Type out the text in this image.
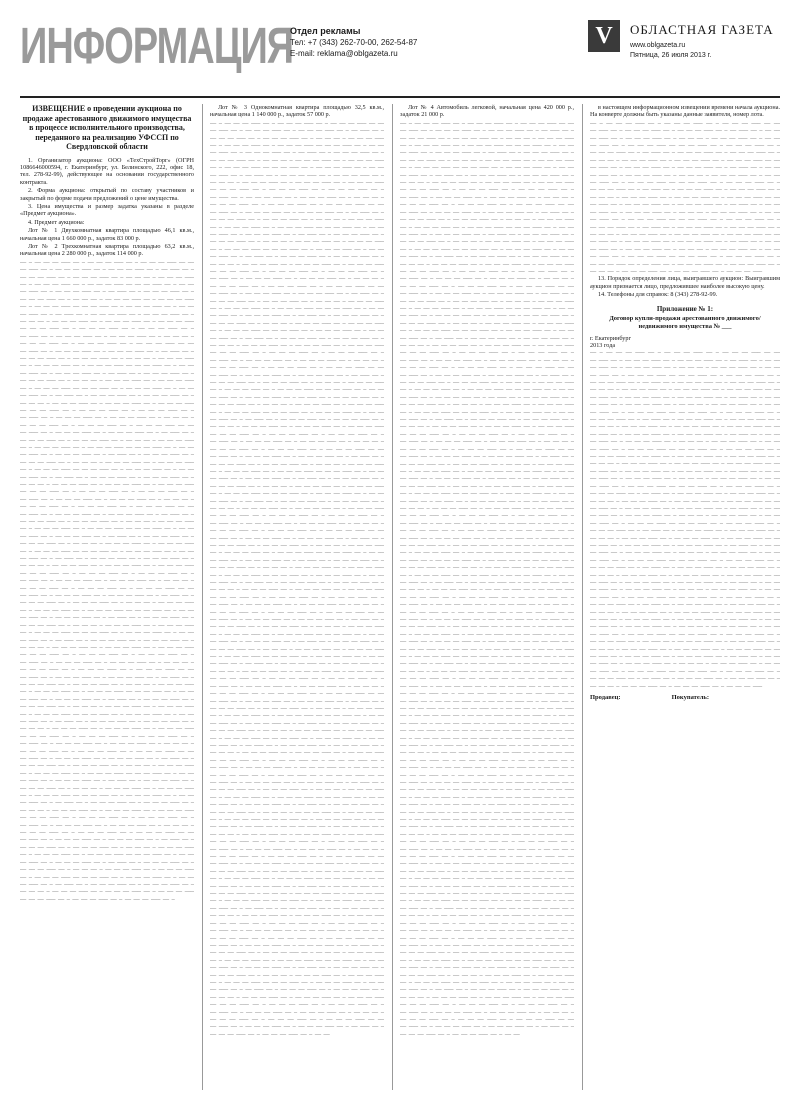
ИНФОРМАЦИЯ
Отдел рекламы
Тел: +7 (343) 262-70-00, 262-54-87
E-mail: reklama@oblgazeta.ru
V	ОБЛАСТНАЯ ГАЗЕТА
www.oblgazeta.ru
Пятница, 26 июля 2013 г.
ИЗВЕЩЕНИЕ о проведении аукциона по продаже арестованного движимого имущества в процессе исполнительного производства, переданного на реализацию УФССП по Свердловской области

1. Организатор аукциона: ООО «ТехСтройТорг» (ОГРН 1086646000594, г. Екатеринбург, ул. Белинского, 222, офис 18, тел. 278-92-99), действующее на основании государственного контракта.

2. Форма аукциона: открытый по составу участников и закрытый по форме подачи предложений о цене имущества.

3. Цена имущества и размер задатка указаны в разделе «Предмет аукциона».

4. Предмет аукциона:

Лот № 1 Двухкомнатная квартира площадью 46,1 кв.м., начальная цена 1 660 000 р., задаток 83 000 р.

Лот № 2 Трехкомнатная квартира площадью 63,2 кв.м., начальная цена 2 280 000 р., задаток 114 000 р.

— ‒ — ‒‒ — ‒‒‒ — ‒ — ‒‒ — ‒‒‒ — ‒ — ‒‒ — ‒‒‒ — ‒‒ — ‒‒‒ — ‒ — ‒‒ — ‒‒‒ — ‒ — ‒‒ — ‒‒‒ — ‒ — ‒‒‒ — ‒ — ‒‒ — ‒‒‒ — ‒ — ‒‒ — ‒‒‒ — ‒ — ‒‒ — ‒ — ‒‒ — ‒‒‒ — ‒ — ‒‒ — ‒‒‒ — ‒ — ‒‒ — ‒‒‒ — ‒‒ — ‒‒‒ — ‒ — ‒‒ — ‒‒‒ — ‒ — ‒‒ — ‒‒‒ — ‒ — ‒‒‒ — ‒ — ‒‒ — ‒‒‒ — ‒ — ‒‒ — ‒‒‒ — ‒ — ‒‒ — ‒ — ‒‒ — ‒‒‒ — ‒ — ‒‒ — ‒‒‒ — ‒ — ‒‒ — ‒‒‒ — ‒‒ — ‒‒‒ — ‒ — ‒‒ — ‒‒‒ — ‒ — ‒‒ — ‒‒‒ — ‒ — ‒‒‒ — ‒ — ‒‒ — ‒‒‒ — ‒ — ‒‒ — ‒‒‒ — ‒ — ‒‒ — ‒ — ‒‒ — ‒‒‒ — ‒ — ‒‒ — ‒‒‒ — ‒ — ‒‒ — ‒‒‒ — ‒‒ — ‒‒‒ — ‒ — ‒‒ — ‒‒‒ — ‒ — ‒‒ — ‒‒‒ — ‒ — ‒‒‒ — ‒ — ‒‒ — ‒‒‒ — ‒ — ‒‒ — ‒‒‒ — ‒ — ‒‒ — ‒ — ‒‒ — ‒‒‒ — ‒ — ‒‒ — ‒‒‒ — ‒ — ‒‒ — ‒‒‒ — ‒‒ — ‒‒‒ — ‒ — ‒‒ — ‒‒‒ — ‒ — ‒‒ — ‒‒‒ — ‒ — ‒‒‒ — ‒ — ‒‒ — ‒‒‒ — ‒ — ‒‒ — ‒‒‒ — ‒ — ‒‒ — ‒ — ‒‒ — ‒‒‒ — ‒ — ‒‒ — ‒‒‒ — ‒ — ‒‒ — ‒‒‒ — ‒‒ — ‒‒‒ — ‒ — ‒‒ — ‒‒‒ — ‒ — ‒‒ — ‒‒‒ — ‒ — ‒‒‒ — ‒ — ‒‒ — ‒‒‒ — ‒ — ‒‒ — ‒‒‒ — ‒ — ‒‒ — ‒ — ‒‒ — ‒‒‒ — ‒ — ‒‒ — ‒‒‒ — ‒ — ‒‒ — ‒‒‒ — ‒‒ — ‒‒‒ — ‒ — ‒‒ — ‒‒‒ — ‒ — ‒‒ — ‒‒‒ — ‒ — ‒‒‒ — ‒ — ‒‒ — ‒‒‒ — ‒ — ‒‒ — ‒‒‒ — ‒ — ‒‒ — ‒ — ‒‒ — ‒‒‒ — ‒ — ‒‒ — ‒‒‒ — ‒ — ‒‒ — ‒‒‒ — ‒‒ — ‒‒‒ — ‒ — ‒‒ — ‒‒‒ — ‒ — ‒‒ — ‒‒‒ — ‒ — ‒‒‒ — ‒ — ‒‒ — ‒‒‒ — ‒ — ‒‒ — ‒‒‒ — ‒ — ‒‒ — ‒ — ‒‒ — ‒‒‒ — ‒ — ‒‒ — ‒‒‒ — ‒ — ‒‒ — ‒‒‒ — ‒‒ — ‒‒‒ — ‒ — ‒‒ — ‒‒‒ — ‒ — ‒‒ — ‒‒‒ — ‒ — ‒‒‒ — ‒ — ‒‒ — ‒‒‒ — ‒ — ‒‒ — ‒‒‒ — ‒ — ‒‒ — ‒ — ‒‒ — ‒‒‒ — ‒ — ‒‒ — ‒‒‒ — ‒ — ‒‒ — ‒‒‒ — ‒‒ — ‒‒‒ — ‒ — ‒‒ — ‒‒‒ — ‒ — ‒‒ — ‒‒‒ — ‒ — ‒‒‒ — ‒ — ‒‒ — ‒‒‒ — ‒ — ‒‒ — ‒‒‒ — ‒ — ‒‒ — ‒ — ‒‒ — ‒‒‒ — ‒ — ‒‒ — ‒‒‒ — ‒ — ‒‒ — ‒‒‒ — ‒‒ — ‒‒‒ — ‒ — ‒‒ — ‒‒‒ — ‒ — ‒‒ — ‒‒‒ — ‒ — ‒‒‒ — ‒ — ‒‒ — ‒‒‒ — ‒ — ‒‒ — ‒‒‒ — ‒ — ‒‒ — ‒ — ‒‒ — ‒‒‒ — ‒ — ‒‒ — ‒‒‒ — ‒ — ‒‒ — ‒‒‒ — ‒‒ — ‒‒‒ — ‒ — ‒‒ — ‒‒‒ — ‒ — ‒‒ — ‒‒‒ — ‒ — ‒‒‒ — ‒ — ‒‒ — ‒‒‒ — ‒ — ‒‒ — ‒‒‒ — ‒ — ‒‒ — ‒ — ‒‒ — ‒‒‒ — ‒ — ‒‒ — ‒‒‒ — ‒ — ‒‒ — ‒‒‒ — ‒‒ — ‒‒‒ — ‒ — ‒‒ — ‒‒‒ — ‒ — ‒‒ — ‒‒‒ — ‒ — ‒‒‒ — ‒ — ‒‒ — ‒‒‒ — ‒ — ‒‒ — ‒‒‒ — ‒ — ‒‒ — ‒ — ‒‒ — ‒‒‒ — ‒ — ‒‒ — ‒‒‒ — ‒ — ‒‒ — ‒‒‒ — ‒‒ — ‒‒‒ — ‒ — ‒‒ — ‒‒‒ — ‒ — ‒‒ — ‒‒‒ — ‒ — ‒‒‒ — ‒ — ‒‒ — ‒‒‒ — ‒ — ‒‒ — ‒‒‒ — ‒ — ‒‒ — ‒ — ‒‒ — ‒‒‒ — ‒ — ‒‒ — ‒‒‒ — ‒ — ‒‒ — ‒‒‒ — ‒‒ — ‒‒‒ — ‒ — ‒‒ — ‒‒‒ — ‒ — ‒‒ — ‒‒‒ — ‒ — ‒‒‒ — ‒ — ‒‒ — ‒‒‒ — ‒ — ‒‒ — ‒‒‒ — ‒ — ‒‒ — ‒ — ‒‒ — ‒‒‒ — ‒ — ‒‒ — ‒‒‒ — ‒ — ‒‒ — ‒‒‒ — ‒‒ — ‒‒‒ — ‒ — ‒‒ — ‒‒‒ — ‒ — ‒‒ — ‒‒‒ — ‒ — ‒‒‒ — ‒ — ‒‒ — ‒‒‒ — ‒ — ‒‒ — ‒‒‒ — ‒ — ‒‒ — ‒ — ‒‒ — ‒‒‒ — ‒ — ‒‒ — ‒‒‒ — ‒ — ‒‒ — ‒‒‒ — ‒‒ — ‒‒‒ — ‒ — ‒‒ — ‒‒‒ — ‒ — ‒‒ — ‒‒‒ — ‒ — ‒‒‒ — ‒ — ‒‒ — ‒‒‒ — ‒ — ‒‒ — ‒‒‒ — ‒ — ‒‒ — ‒ — ‒‒ — ‒‒‒ — ‒ — ‒‒ — ‒‒‒ — ‒ — ‒‒ — ‒‒‒ — ‒‒ — ‒‒‒ — ‒ — ‒‒ — ‒‒‒ — ‒ — ‒‒ — ‒‒‒ — ‒ — ‒‒‒ — ‒ — ‒‒ — ‒‒‒ — ‒ — ‒‒ — ‒‒‒ — ‒ — ‒‒ — ‒ — ‒‒ — ‒‒‒ — ‒ — ‒‒ — ‒‒‒ — ‒ — ‒‒ — ‒‒‒ — ‒‒ — ‒‒‒ — ‒ — ‒‒ — ‒‒‒ — ‒ — ‒‒ — ‒‒‒ — ‒ — ‒‒‒ — ‒ — ‒‒ — ‒‒‒ — ‒ — ‒‒ — ‒‒‒ — ‒ — ‒‒ — ‒ — ‒‒ — ‒‒‒ — ‒ — ‒‒ — ‒‒‒ — ‒ — ‒‒ — ‒‒‒ — ‒‒ — ‒‒‒ — ‒ — ‒‒ — ‒‒‒ — ‒ — ‒‒ — ‒‒‒ — ‒ — ‒‒‒ — ‒ — ‒‒ — ‒‒‒ — ‒ — ‒‒ — ‒‒‒ — ‒ — ‒‒ — ‒ — ‒‒ — ‒‒‒ — ‒ — ‒‒ — ‒‒‒ — ‒ — ‒‒ — ‒‒‒ — ‒‒ — ‒‒‒ — ‒ — ‒‒ — ‒‒‒ — ‒ — ‒‒ — ‒‒‒ — ‒ — ‒‒‒ — ‒ — ‒‒ — ‒‒‒ — ‒ — ‒‒ — ‒‒‒ — ‒ — ‒‒ — ‒ — ‒‒ — ‒‒‒ — ‒ — ‒‒ — ‒‒‒ — ‒ — ‒‒ — ‒‒‒ — ‒‒ — ‒‒‒ — ‒ — ‒‒ — ‒‒‒ — ‒ — ‒‒ — ‒‒‒ — ‒ — ‒‒‒ — ‒ — ‒‒ — ‒‒‒ — ‒ — ‒‒ — ‒‒‒ — ‒ — ‒‒ — ‒ — ‒‒ — ‒‒‒ — ‒ — ‒‒ — ‒‒‒ — ‒ — ‒‒ — ‒‒‒ — ‒‒ — ‒‒‒ — ‒ — ‒‒ — ‒‒‒ — ‒ — ‒‒ — ‒‒‒ — ‒ — ‒‒‒ — ‒ — ‒‒ — ‒‒‒ — ‒ — ‒‒ — ‒‒‒ — ‒ — ‒‒ — ‒ — ‒‒ — ‒‒‒ — ‒ — ‒‒ — ‒‒‒ — ‒ — ‒‒ — ‒‒‒ — ‒‒ — ‒‒‒ — ‒ — ‒‒ — ‒‒‒ — ‒ — ‒‒ — ‒‒‒ — ‒ — ‒‒‒ — ‒ — ‒‒ — ‒‒‒ — ‒ — ‒‒ — ‒‒‒ — ‒ — ‒‒ — ‒ — ‒‒ — ‒‒‒ — ‒ — ‒‒ — ‒‒‒ — ‒ — ‒‒ — ‒‒‒ — ‒‒ — ‒‒‒ — ‒ — ‒‒ — ‒‒‒ — ‒ — ‒‒ — ‒‒‒ — ‒ — ‒‒‒ — ‒ — ‒‒ — ‒‒‒ — ‒ — ‒‒ — ‒‒‒ — ‒ — ‒‒ — ‒ — ‒‒ — ‒‒‒ — ‒ — ‒‒ — ‒‒‒ — ‒ — ‒‒ — ‒‒‒ — ‒‒ — ‒‒‒ — ‒ — ‒‒ — ‒‒‒ — ‒ — ‒‒ — ‒‒‒ — ‒ — ‒‒‒ — ‒ — ‒‒ — ‒‒‒ — ‒ — ‒‒ — ‒‒‒ — ‒ — ‒‒ — ‒ — ‒‒ — ‒‒‒ — ‒ — ‒‒ — ‒‒‒ — ‒ — ‒‒ — ‒‒‒ — ‒‒ — ‒‒‒ — ‒ — ‒‒ — ‒‒‒ — ‒ — ‒‒ — ‒‒‒ — ‒ — ‒‒‒ — ‒ — ‒‒ — ‒‒‒ — ‒ — ‒‒ — ‒‒‒ — ‒ — ‒‒ — ‒ — ‒‒ — ‒‒‒ — ‒ — ‒‒ — ‒‒‒ — ‒ — ‒‒ — ‒‒‒ — ‒‒ — ‒‒‒ — ‒ — ‒‒ — ‒‒‒ — ‒ — ‒‒ — ‒‒‒ — ‒ — ‒‒‒ — ‒ — ‒‒ — ‒‒‒ — ‒ — ‒‒ — ‒‒‒ — ‒ — ‒‒ — ‒ — ‒‒ — ‒‒‒ — ‒ — ‒‒ — ‒‒‒ — ‒ — ‒‒ — ‒‒‒ — ‒‒ — ‒‒‒ — ‒ — ‒‒ — ‒‒‒ — ‒ — ‒‒ — ‒‒‒ — ‒ — ‒‒‒ — ‒ — ‒‒ — ‒‒‒ — ‒ — ‒‒ — ‒‒‒ — ‒ — ‒‒ — ‒ — ‒‒ — ‒‒‒ — ‒ — ‒‒ — ‒‒‒ — ‒ — ‒‒ — ‒‒‒ — ‒‒ — ‒‒‒ — ‒ — ‒‒ — ‒‒‒ — ‒ — ‒‒ — ‒‒‒ — ‒ — ‒‒‒ — ‒ — ‒‒ — ‒‒‒ — ‒ — ‒‒ — ‒‒‒ — ‒ — ‒‒ — ‒ — ‒‒ — ‒‒‒ — ‒ — ‒‒ — ‒‒‒ — ‒ — ‒‒ — ‒‒‒ — ‒‒ — ‒‒‒ — ‒ — ‒‒ — ‒‒‒ — ‒ — ‒‒ — ‒‒‒ — ‒ — ‒‒‒ — ‒ — ‒‒ — ‒‒‒ — ‒ — ‒‒ — ‒‒‒ — ‒ — ‒‒ — ‒ — ‒‒ — ‒‒‒ — ‒ — ‒‒ — ‒‒‒ — ‒ — ‒‒ — ‒‒‒ — ‒‒ — ‒‒‒ — ‒ — ‒‒ — ‒‒‒ — ‒ — ‒‒ — ‒‒‒ — ‒

Лот № 3 Однокомнатная квартира площадью 32,5 кв.м., начальная цена 1 140 000 р., задаток 57 000 р.

— ‒ — ‒‒ — ‒‒‒ — ‒ — ‒‒ — ‒‒‒ — ‒ — ‒‒ — ‒‒‒ — ‒‒ — ‒‒‒ — ‒ — ‒‒ — ‒‒‒ — ‒ — ‒‒ — ‒‒‒ — ‒ — ‒‒‒ — ‒ — ‒‒ — ‒‒‒ — ‒ — ‒‒ — ‒‒‒ — ‒ — ‒‒ — ‒ — ‒‒ — ‒‒‒ — ‒ — ‒‒ — ‒‒‒ — ‒ — ‒‒ — ‒‒‒ — ‒‒ — ‒‒‒ — ‒ — ‒‒ — ‒‒‒ — ‒ — ‒‒ — ‒‒‒ — ‒ — ‒‒‒ — ‒ — ‒‒ — ‒‒‒ — ‒ — ‒‒ — ‒‒‒ — ‒ — ‒‒ — ‒ — ‒‒ — ‒‒‒ — ‒ — ‒‒ — ‒‒‒ — ‒ — ‒‒ — ‒‒‒ — ‒‒ — ‒‒‒ — ‒ — ‒‒ — ‒‒‒ — ‒ — ‒‒ — ‒‒‒ — ‒ — ‒‒‒ — ‒ — ‒‒ — ‒‒‒ — ‒ — ‒‒ — ‒‒‒ — ‒ — ‒‒ — ‒ — ‒‒ — ‒‒‒ — ‒ — ‒‒ — ‒‒‒ — ‒ — ‒‒ — ‒‒‒ — ‒‒ — ‒‒‒ — ‒ — ‒‒ — ‒‒‒ — ‒ — ‒‒ — ‒‒‒ — ‒ — ‒‒‒ — ‒ — ‒‒ — ‒‒‒ — ‒ — ‒‒ — ‒‒‒ — ‒ — ‒‒ — ‒ — ‒‒ — ‒‒‒ — ‒ — ‒‒ — ‒‒‒ — ‒ — ‒‒ — ‒‒‒ — ‒‒ — ‒‒‒ — ‒ — ‒‒ — ‒‒‒ — ‒ — ‒‒ — ‒‒‒ — ‒ — ‒‒‒ — ‒ — ‒‒ — ‒‒‒ — ‒ — ‒‒ — ‒‒‒ — ‒ — ‒‒ — ‒ — ‒‒ — ‒‒‒ — ‒ — ‒‒ — ‒‒‒ — ‒ — ‒‒ — ‒‒‒ — ‒‒ — ‒‒‒ — ‒ — ‒‒ — ‒‒‒ — ‒ — ‒‒ — ‒‒‒ — ‒ — ‒‒‒ — ‒ — ‒‒ — ‒‒‒ — ‒ — ‒‒ — ‒‒‒ — ‒ — ‒‒ — ‒ — ‒‒ — ‒‒‒ — ‒ — ‒‒ — ‒‒‒ — ‒ — ‒‒ — ‒‒‒ — ‒‒ — ‒‒‒ — ‒ — ‒‒ — ‒‒‒ — ‒ — ‒‒ — ‒‒‒ — ‒ — ‒‒‒ — ‒ — ‒‒ — ‒‒‒ — ‒ — ‒‒ — ‒‒‒ — ‒ — ‒‒ — ‒ — ‒‒ — ‒‒‒ — ‒ — ‒‒ — ‒‒‒ — ‒ — ‒‒ — ‒‒‒ — ‒‒ — ‒‒‒ — ‒ — ‒‒ — ‒‒‒ — ‒ — ‒‒ — ‒‒‒ — ‒ — ‒‒‒ — ‒ — ‒‒ — ‒‒‒ — ‒ — ‒‒ — ‒‒‒ — ‒ — ‒‒ — ‒ — ‒‒ — ‒‒‒ — ‒ — ‒‒ — ‒‒‒ — ‒ — ‒‒ — ‒‒‒ — ‒‒ — ‒‒‒ — ‒ — ‒‒ — ‒‒‒ — ‒ — ‒‒ — ‒‒‒ — ‒ — ‒‒‒ — ‒ — ‒‒ — ‒‒‒ — ‒ — ‒‒ — ‒‒‒ — ‒ — ‒‒ — ‒ — ‒‒ — ‒‒‒ — ‒ — ‒‒ — ‒‒‒ — ‒ — ‒‒ — ‒‒‒ — ‒‒ — ‒‒‒ — ‒ — ‒‒ — ‒‒‒ — ‒ — ‒‒ — ‒‒‒ — ‒ — ‒‒‒ — ‒ — ‒‒ — ‒‒‒ — ‒ — ‒‒ — ‒‒‒ — ‒ — ‒‒ — ‒ — ‒‒ — ‒‒‒ — ‒ — ‒‒ — ‒‒‒ — ‒ — ‒‒ — ‒‒‒ — ‒‒ — ‒‒‒ — ‒ — ‒‒ — ‒‒‒ — ‒ — ‒‒ — ‒‒‒ — ‒ — ‒‒‒ — ‒ — ‒‒ — ‒‒‒ — ‒ — ‒‒ — ‒‒‒ — ‒ — ‒‒ — ‒ — ‒‒ — ‒‒‒ — ‒ — ‒‒ — ‒‒‒ — ‒ — ‒‒ — ‒‒‒ — ‒‒ — ‒‒‒ — ‒ — ‒‒ — ‒‒‒ — ‒ — ‒‒ — ‒‒‒ — ‒ — ‒‒‒ — ‒ — ‒‒ — ‒‒‒ — ‒ — ‒‒ — ‒‒‒ — ‒ — ‒‒ — ‒ — ‒‒ — ‒‒‒ — ‒ — ‒‒ — ‒‒‒ — ‒ — ‒‒ — ‒‒‒ — ‒‒ — ‒‒‒ — ‒ — ‒‒ — ‒‒‒ — ‒ — ‒‒ — ‒‒‒ — ‒ — ‒‒‒ — ‒ — ‒‒ — ‒‒‒ — ‒ — ‒‒ — ‒‒‒ — ‒ — ‒‒ — ‒ — ‒‒ — ‒‒‒ — ‒ — ‒‒ — ‒‒‒ — ‒ — ‒‒ — ‒‒‒ — ‒‒ — ‒‒‒ — ‒ — ‒‒ — ‒‒‒ — ‒ — ‒‒ — ‒‒‒ — ‒ — ‒‒‒ — ‒ — ‒‒ — ‒‒‒ — ‒ — ‒‒ — ‒‒‒ — ‒ — ‒‒ — ‒ — ‒‒ — ‒‒‒ — ‒ — ‒‒ — ‒‒‒ — ‒ — ‒‒ — ‒‒‒ — ‒‒ — ‒‒‒ — ‒ — ‒‒ — ‒‒‒ — ‒ — ‒‒ — ‒‒‒ — ‒ — ‒‒‒ — ‒ — ‒‒ — ‒‒‒ — ‒ — ‒‒ — ‒‒‒ — ‒ — ‒‒ — ‒ — ‒‒ — ‒‒‒ — ‒ — ‒‒ — ‒‒‒ — ‒ — ‒‒ — ‒‒‒ — ‒‒ — ‒‒‒ — ‒ — ‒‒ — ‒‒‒ — ‒ — ‒‒ — ‒‒‒ — ‒ — ‒‒‒ — ‒ — ‒‒ — ‒‒‒ — ‒ — ‒‒ — ‒‒‒ — ‒ — ‒‒ — ‒ — ‒‒ — ‒‒‒ — ‒ — ‒‒ — ‒‒‒ — ‒ — ‒‒ — ‒‒‒ — ‒‒ — ‒‒‒ — ‒ — ‒‒ — ‒‒‒ — ‒ — ‒‒ — ‒‒‒ — ‒ — ‒‒‒ — ‒ — ‒‒ — ‒‒‒ — ‒ — ‒‒ — ‒‒‒ — ‒ — ‒‒ — ‒ — ‒‒ — ‒‒‒ — ‒ — ‒‒ — ‒‒‒ — ‒ — ‒‒ — ‒‒‒ — ‒‒ — ‒‒‒ — ‒ — ‒‒ — ‒‒‒ — ‒ — ‒‒ — ‒‒‒ — ‒ — ‒‒‒ — ‒ — ‒‒ — ‒‒‒ — ‒ — ‒‒ — ‒‒‒ — ‒ — ‒‒ — ‒ — ‒‒ — ‒‒‒ — ‒ — ‒‒ — ‒‒‒ — ‒ — ‒‒ — ‒‒‒ — ‒‒ — ‒‒‒ — ‒ — ‒‒ — ‒‒‒ — ‒ — ‒‒ — ‒‒‒ — ‒ — ‒‒‒ — ‒ — ‒‒ — ‒‒‒ — ‒ — ‒‒ — ‒‒‒ — ‒ — ‒‒ — ‒ — ‒‒ — ‒‒‒ — ‒ — ‒‒ — ‒‒‒ — ‒ — ‒‒ — ‒‒‒ — ‒‒ — ‒‒‒ — ‒ — ‒‒ — ‒‒‒ — ‒ — ‒‒ — ‒‒‒ — ‒ — ‒‒‒ — ‒ — ‒‒ — ‒‒‒ — ‒ — ‒‒ — ‒‒‒ — ‒ — ‒‒ — ‒ — ‒‒ — ‒‒‒ — ‒ — ‒‒ — ‒‒‒ — ‒ — ‒‒ — ‒‒‒ — ‒‒ — ‒‒‒ — ‒ — ‒‒ — ‒‒‒ — ‒ — ‒‒ — ‒‒‒ — ‒ — ‒‒‒ — ‒ — ‒‒ — ‒‒‒ — ‒ — ‒‒ — ‒‒‒ — ‒ — ‒‒ — ‒ — ‒‒ — ‒‒‒ — ‒ — ‒‒ — ‒‒‒ — ‒ — ‒‒ — ‒‒‒ — ‒‒ — ‒‒‒ — ‒ — ‒‒ — ‒‒‒ — ‒ — ‒‒ — ‒‒‒ — ‒ — ‒‒‒ — ‒ — ‒‒ — ‒‒‒ — ‒ — ‒‒ — ‒‒‒ — ‒ — ‒‒ — ‒ — ‒‒ — ‒‒‒ — ‒ — ‒‒ — ‒‒‒ — ‒ — ‒‒ — ‒‒‒ — ‒‒ — ‒‒‒ — ‒ — ‒‒ — ‒‒‒ — ‒ — ‒‒ — ‒‒‒ — ‒ — ‒‒‒ — ‒ — ‒‒ — ‒‒‒ — ‒ — ‒‒ — ‒‒‒ — ‒ — ‒‒ — ‒ — ‒‒ — ‒‒‒ — ‒ — ‒‒ — ‒‒‒ — ‒ — ‒‒ — ‒‒‒ — ‒‒ — ‒‒‒ — ‒ — ‒‒ — ‒‒‒ — ‒ — ‒‒ — ‒‒‒ — ‒ — ‒‒‒ — ‒ — ‒‒ — ‒‒‒ — ‒ — ‒‒ — ‒‒‒ — ‒ — ‒‒ — ‒ — ‒‒ — ‒‒‒ — ‒ — ‒‒ — ‒‒‒ — ‒ — ‒‒ — ‒‒‒ — ‒‒ — ‒‒‒ — ‒ — ‒‒ — ‒‒‒ — ‒ — ‒‒ — ‒‒‒ — ‒ — ‒‒‒ — ‒ — ‒‒ — ‒‒‒ — ‒ — ‒‒ — ‒‒‒ — ‒ — ‒‒ — ‒ — ‒‒ — ‒‒‒ — ‒ — ‒‒ — ‒‒‒ — ‒ — ‒‒ — ‒‒‒ — ‒‒ — ‒‒‒ — ‒ — ‒‒ — ‒‒‒ — ‒ — ‒‒ — ‒‒‒ — ‒ — ‒‒‒ — ‒ — ‒‒ — ‒‒‒ — ‒ — ‒‒ — ‒‒‒ — ‒ — ‒‒ — ‒ — ‒‒ — ‒‒‒ — ‒ — ‒‒ — ‒‒‒ — ‒ — ‒‒ — ‒‒‒ — ‒‒ — ‒‒‒ — ‒ — ‒‒ — ‒‒‒ — ‒ — ‒‒ — ‒‒‒ — ‒ — ‒‒‒ — ‒ — ‒‒ — ‒‒‒ — ‒ — ‒‒ — ‒‒‒ — ‒ — ‒‒ — ‒ — ‒‒ — ‒‒‒ — ‒ — ‒‒ — ‒‒‒ — ‒ — ‒‒ — ‒‒‒ — ‒‒ — ‒‒‒ — ‒ — ‒‒ — ‒‒‒ — ‒ — ‒‒ — ‒‒‒ — ‒ — ‒‒‒ — ‒ — ‒‒ — ‒‒‒ — ‒ — ‒‒ — ‒‒‒ — ‒ — ‒‒ — ‒ — ‒‒ — ‒‒‒ — ‒ — ‒‒ — ‒‒‒ — ‒ — ‒‒ — ‒‒‒ — ‒‒ — ‒‒‒ — ‒ — ‒‒ — ‒‒‒ — ‒ — ‒‒ — ‒‒‒ — ‒ — ‒‒‒ — ‒ — ‒‒ — ‒‒‒ — ‒ — ‒‒ — ‒‒‒ — ‒ — ‒‒ — ‒ — ‒‒ — ‒‒‒ — ‒ — ‒‒ — ‒‒‒ — ‒ — ‒‒ — ‒‒‒ — ‒‒ — ‒‒‒ — ‒ — ‒‒ — ‒‒‒ — ‒ — ‒‒ — ‒‒‒ — ‒ — ‒‒‒ — ‒ — ‒‒ — ‒‒‒ — ‒ — ‒‒ — ‒‒‒ — ‒ — ‒‒ — ‒ — ‒‒ — ‒‒‒ — ‒ — ‒‒ — ‒‒‒ — ‒ — ‒‒ — ‒‒‒ — ‒‒ — ‒‒‒ — ‒ — ‒‒ — ‒‒‒ — ‒ — ‒‒ — ‒‒‒ — ‒ — ‒‒‒ — ‒ — ‒‒ — ‒‒‒ — ‒ — ‒‒ — ‒‒‒ — ‒ — ‒‒ — ‒ — ‒‒ — ‒‒‒ — ‒ — ‒‒ — ‒‒‒ — ‒ — ‒‒ — ‒‒‒ — ‒‒ — ‒‒‒ — ‒ — ‒‒ — ‒‒‒ — ‒ — ‒‒ — ‒‒‒ — ‒ — ‒‒‒ — ‒ — ‒‒ — ‒‒‒ — ‒ — ‒‒ — ‒‒‒ — ‒ — ‒‒ — ‒ — ‒‒ — ‒‒‒ — ‒ — ‒‒ — ‒‒‒ — ‒ — ‒‒ — ‒‒‒ — ‒‒ — ‒‒‒ — ‒ — ‒‒ — ‒‒‒ — ‒ — ‒‒ — ‒‒‒ — ‒ — ‒‒‒ — ‒ — ‒‒ — ‒‒‒ — ‒ — ‒‒ — ‒‒‒ — ‒ — ‒‒ — ‒ — ‒‒ — ‒‒‒ — ‒ — ‒‒ — ‒‒‒ — ‒ — ‒‒ — ‒‒‒ — ‒‒ — ‒‒‒ — ‒ — ‒‒ — ‒‒‒ — ‒ — ‒‒ — ‒‒‒ — ‒ — ‒‒‒ — ‒ — ‒‒ — ‒‒‒ — ‒ — ‒‒ — ‒‒‒ — ‒ — ‒‒ — ‒ — ‒‒ — ‒‒‒ — ‒ — ‒‒ — ‒‒‒ — ‒ — ‒‒ — ‒‒‒ — ‒‒ — ‒‒‒ — ‒ — ‒‒ — ‒‒‒ — ‒ — ‒‒ — ‒‒‒ — ‒ — ‒‒‒ — ‒ — ‒‒ — ‒‒‒ — ‒ — ‒‒ — ‒‒‒ — ‒ — ‒‒ — ‒ — ‒‒ — ‒‒‒ — ‒ — ‒‒ — ‒‒‒ — ‒ — ‒‒ — ‒‒‒ — ‒‒ — ‒‒‒ — ‒ — ‒‒ — ‒‒‒ — ‒ — ‒‒ — ‒‒‒ — ‒ — ‒‒‒ — ‒ — ‒‒ — ‒‒‒ — ‒ — ‒‒ — ‒‒‒ — ‒ — ‒‒ — ‒ — ‒‒ — ‒‒‒ — ‒ — ‒‒ — ‒‒‒ — ‒ — ‒‒ — ‒‒‒ — ‒‒ — ‒‒‒ — ‒ — ‒‒ — ‒‒‒ — ‒ — ‒‒ — ‒‒‒ — ‒ — ‒‒‒ — ‒ — ‒‒ — ‒‒‒ — ‒ — ‒‒ — ‒‒‒ — ‒ — ‒‒ — ‒ — ‒‒ — ‒‒‒ — ‒ — ‒‒ — ‒‒‒ — ‒ — ‒‒ — ‒‒‒ — ‒‒ — ‒‒‒ — ‒ — ‒‒ — ‒‒‒ — ‒ — ‒‒ — ‒‒‒ — ‒ — ‒‒‒ — ‒ — ‒‒ — ‒‒‒ — ‒ — ‒‒ — ‒‒‒ — ‒ — ‒‒ — ‒ — ‒‒ — ‒‒‒ — ‒ — ‒‒ — ‒‒‒ — ‒ — ‒‒ — ‒‒‒ — ‒‒ — ‒‒‒ — ‒ — ‒‒ — ‒‒‒ — ‒ — ‒‒ — ‒‒‒ — ‒ — ‒‒‒ — ‒ — ‒‒ — ‒‒‒ — ‒ — ‒‒ — ‒‒‒ — ‒ — ‒‒ — ‒ — ‒‒ — ‒‒‒ — ‒ — ‒‒ — ‒‒‒ — ‒ — ‒‒ — ‒‒‒ — ‒‒ — ‒‒‒ — ‒ — ‒‒ — ‒‒‒ — ‒ — ‒‒ — ‒‒‒ — ‒ — ‒‒‒ — ‒ — ‒‒ — ‒‒‒ — ‒ — ‒‒ — ‒‒‒ — ‒ — ‒‒ — ‒ — ‒‒ — ‒‒‒ — ‒ — ‒‒ — ‒‒‒ — ‒ — ‒‒ — ‒‒‒ — ‒‒ — ‒‒‒ — ‒ — ‒‒ — ‒‒‒ — ‒ — ‒‒ — ‒‒‒ — ‒ — ‒‒‒ — ‒ — ‒‒ — ‒‒‒ — ‒ — ‒‒ — ‒‒‒ — ‒ — ‒‒ — ‒ — ‒‒ — ‒‒‒ — ‒ — ‒‒ — ‒‒‒ — ‒ — ‒‒ — ‒‒‒ — ‒‒ — ‒‒‒ — ‒ — ‒‒ — ‒‒‒ — ‒ — ‒‒ — ‒‒‒ — ‒ — ‒‒‒ — ‒ — ‒‒ — ‒‒‒ — ‒ — ‒‒ — ‒‒‒ — ‒ — ‒‒ — ‒ — ‒‒ — ‒‒‒ — ‒ — ‒‒ — ‒‒‒ — ‒ — ‒‒ — ‒‒‒ — ‒‒ — ‒‒‒ — ‒ — ‒‒ — ‒‒‒ — ‒ — ‒‒ — ‒‒‒ — ‒ — ‒‒‒ — ‒ — ‒‒ — ‒‒‒ — ‒ — ‒‒ — ‒‒‒ — ‒ — ‒‒ — ‒ — ‒‒ — ‒‒‒ — ‒ — ‒‒ — ‒‒‒ — ‒ — ‒‒ — ‒‒‒ — ‒‒ — ‒‒‒ — ‒ — ‒‒ — ‒‒‒ — ‒ — ‒‒ — ‒‒‒ — ‒ — ‒‒‒ — ‒ — ‒‒ — ‒‒‒ — ‒ — ‒‒ — ‒‒‒ — ‒ — ‒‒ — ‒ — ‒‒ — ‒‒‒ — ‒ — ‒‒ — ‒‒‒ — ‒ — ‒‒ — ‒‒‒ — ‒‒ — ‒‒‒ — ‒ — ‒‒ — ‒‒‒ — ‒ — ‒‒ — ‒‒‒ — ‒ — ‒‒‒ — ‒ — ‒‒ — ‒‒‒ — ‒ — ‒‒ — ‒‒‒ — ‒ — ‒‒

Лот № 4 Автомобиль легковой, начальная цена 420 000 р., задаток 21 000 р.

— ‒ — ‒‒ — ‒‒‒ — ‒ — ‒‒ — ‒‒‒ — ‒ — ‒‒ — ‒‒‒ — ‒‒ — ‒‒‒ — ‒ — ‒‒ — ‒‒‒ — ‒ — ‒‒ — ‒‒‒ — ‒ — ‒‒‒ — ‒ — ‒‒ — ‒‒‒ — ‒ — ‒‒ — ‒‒‒ — ‒ — ‒‒ — ‒ — ‒‒ — ‒‒‒ — ‒ — ‒‒ — ‒‒‒ — ‒ — ‒‒ — ‒‒‒ — ‒‒ — ‒‒‒ — ‒ — ‒‒ — ‒‒‒ — ‒ — ‒‒ — ‒‒‒ — ‒ — ‒‒‒ — ‒ — ‒‒ — ‒‒‒ — ‒ — ‒‒ — ‒‒‒ — ‒ — ‒‒ — ‒ — ‒‒ — ‒‒‒ — ‒ — ‒‒ — ‒‒‒ — ‒ — ‒‒ — ‒‒‒ — ‒‒ — ‒‒‒ — ‒ — ‒‒ — ‒‒‒ — ‒ — ‒‒ — ‒‒‒ — ‒ — ‒‒‒ — ‒ — ‒‒ — ‒‒‒ — ‒ — ‒‒ — ‒‒‒ — ‒ — ‒‒ — ‒ — ‒‒ — ‒‒‒ — ‒ — ‒‒ — ‒‒‒ — ‒ — ‒‒ — ‒‒‒ — ‒‒ — ‒‒‒ — ‒ — ‒‒ — ‒‒‒ — ‒ — ‒‒ — ‒‒‒ — ‒ — ‒‒‒ — ‒ — ‒‒ — ‒‒‒ — ‒ — ‒‒ — ‒‒‒ — ‒ — ‒‒ — ‒ — ‒‒ — ‒‒‒ — ‒ — ‒‒ — ‒‒‒ — ‒ — ‒‒ — ‒‒‒ — ‒‒ — ‒‒‒ — ‒ — ‒‒ — ‒‒‒ — ‒ — ‒‒ — ‒‒‒ — ‒ — ‒‒‒ — ‒ — ‒‒ — ‒‒‒ — ‒ — ‒‒ — ‒‒‒ — ‒ — ‒‒ — ‒ — ‒‒ — ‒‒‒ — ‒ — ‒‒ — ‒‒‒ — ‒ — ‒‒ — ‒‒‒ — ‒‒ — ‒‒‒ — ‒ — ‒‒ — ‒‒‒ — ‒ — ‒‒ — ‒‒‒ — ‒ — ‒‒‒ — ‒ — ‒‒ — ‒‒‒ — ‒ — ‒‒ — ‒‒‒ — ‒ — ‒‒ — ‒ — ‒‒ — ‒‒‒ — ‒ — ‒‒ — ‒‒‒ — ‒ — ‒‒ — ‒‒‒ — ‒‒ — ‒‒‒ — ‒ — ‒‒ — ‒‒‒ — ‒ — ‒‒ — ‒‒‒ — ‒ — ‒‒‒ — ‒ — ‒‒ — ‒‒‒ — ‒ — ‒‒ — ‒‒‒ — ‒ — ‒‒ — ‒ — ‒‒ — ‒‒‒ — ‒ — ‒‒ — ‒‒‒ — ‒ — ‒‒ — ‒‒‒ — ‒‒ — ‒‒‒ — ‒ — ‒‒ — ‒‒‒ — ‒ — ‒‒ — ‒‒‒ — ‒ — ‒‒‒ — ‒ — ‒‒ — ‒‒‒ — ‒ — ‒‒ — ‒‒‒ — ‒ — ‒‒ — ‒ — ‒‒ — ‒‒‒ — ‒ — ‒‒ — ‒‒‒ — ‒ — ‒‒ — ‒‒‒ — ‒‒ — ‒‒‒ — ‒ — ‒‒ — ‒‒‒ — ‒ — ‒‒ — ‒‒‒ — ‒ — ‒‒‒ — ‒ — ‒‒ — ‒‒‒ — ‒ — ‒‒ — ‒‒‒ — ‒ — ‒‒ — ‒ — ‒‒ — ‒‒‒ — ‒ — ‒‒ — ‒‒‒ — ‒ — ‒‒ — ‒‒‒ — ‒‒ — ‒‒‒ — ‒ — ‒‒ — ‒‒‒ — ‒ — ‒‒ — ‒‒‒ — ‒ — ‒‒‒ — ‒ — ‒‒ — ‒‒‒ — ‒ — ‒‒ — ‒‒‒ — ‒ — ‒‒ — ‒ — ‒‒ — ‒‒‒ — ‒ — ‒‒ — ‒‒‒ — ‒ — ‒‒ — ‒‒‒ — ‒‒ — ‒‒‒ — ‒ — ‒‒ — ‒‒‒ — ‒ — ‒‒ — ‒‒‒ — ‒ — ‒‒‒ — ‒ — ‒‒ — ‒‒‒ — ‒ — ‒‒ — ‒‒‒ — ‒ — ‒‒ — ‒ — ‒‒ — ‒‒‒ — ‒ — ‒‒ — ‒‒‒ — ‒ — ‒‒ — ‒‒‒ — ‒‒ — ‒‒‒ — ‒ — ‒‒ — ‒‒‒ — ‒ — ‒‒ — ‒‒‒ — ‒ — ‒‒‒ — ‒ — ‒‒ — ‒‒‒ — ‒ — ‒‒ — ‒‒‒ — ‒ — ‒‒ — ‒ — ‒‒ — ‒‒‒ — ‒ — ‒‒ — ‒‒‒ — ‒ — ‒‒ — ‒‒‒ — ‒‒ — ‒‒‒ — ‒ — ‒‒ — ‒‒‒ — ‒ — ‒‒ — ‒‒‒ — ‒ — ‒‒‒ — ‒ — ‒‒ — ‒‒‒ — ‒ — ‒‒ — ‒‒‒ — ‒ — ‒‒ — ‒ — ‒‒ — ‒‒‒ — ‒ — ‒‒ — ‒‒‒ — ‒ — ‒‒ — ‒‒‒ — ‒‒ — ‒‒‒ — ‒ — ‒‒ — ‒‒‒ — ‒ — ‒‒ — ‒‒‒ — ‒ — ‒‒‒ — ‒ — ‒‒ — ‒‒‒ — ‒ — ‒‒ — ‒‒‒ — ‒ — ‒‒ — ‒ — ‒‒ — ‒‒‒ — ‒ — ‒‒ — ‒‒‒ — ‒ — ‒‒ — ‒‒‒ — ‒‒ — ‒‒‒ — ‒ — ‒‒ — ‒‒‒ — ‒ — ‒‒ — ‒‒‒ — ‒ — ‒‒‒ — ‒ — ‒‒ — ‒‒‒ — ‒ — ‒‒ — ‒‒‒ — ‒ — ‒‒ — ‒ — ‒‒ — ‒‒‒ — ‒ — ‒‒ — ‒‒‒ — ‒ — ‒‒ — ‒‒‒ — ‒‒ — ‒‒‒ — ‒ — ‒‒ — ‒‒‒ — ‒ — ‒‒ — ‒‒‒ — ‒ — ‒‒‒ — ‒ — ‒‒ — ‒‒‒ — ‒ — ‒‒ — ‒‒‒ — ‒ — ‒‒ — ‒ — ‒‒ — ‒‒‒ — ‒ — ‒‒ — ‒‒‒ — ‒ — ‒‒ — ‒‒‒ — ‒‒ — ‒‒‒ — ‒ — ‒‒ — ‒‒‒ — ‒ — ‒‒ — ‒‒‒ — ‒ — ‒‒‒ — ‒ — ‒‒ — ‒‒‒ — ‒ — ‒‒ — ‒‒‒ — ‒ — ‒‒ — ‒ — ‒‒ — ‒‒‒ — ‒ — ‒‒ — ‒‒‒ — ‒ — ‒‒ — ‒‒‒ — ‒‒ — ‒‒‒ — ‒ — ‒‒ — ‒‒‒ — ‒ — ‒‒ — ‒‒‒ — ‒ — ‒‒‒ — ‒ — ‒‒ — ‒‒‒ — ‒ — ‒‒ — ‒‒‒ — ‒ — ‒‒ — ‒ — ‒‒ — ‒‒‒ — ‒ — ‒‒ — ‒‒‒ — ‒ — ‒‒ — ‒‒‒ — ‒‒ — ‒‒‒ — ‒ — ‒‒ — ‒‒‒ — ‒ — ‒‒ — ‒‒‒ — ‒ — ‒‒‒ — ‒ — ‒‒ — ‒‒‒ — ‒ — ‒‒ — ‒‒‒ — ‒ — ‒‒ — ‒ — ‒‒ — ‒‒‒ — ‒ — ‒‒ — ‒‒‒ — ‒ — ‒‒ — ‒‒‒ — ‒‒ — ‒‒‒ — ‒ — ‒‒ — ‒‒‒ — ‒ — ‒‒ — ‒‒‒ — ‒ — ‒‒‒ — ‒ — ‒‒ — ‒‒‒ — ‒ — ‒‒ — ‒‒‒ — ‒ — ‒‒ — ‒ — ‒‒ — ‒‒‒ — ‒ — ‒‒ — ‒‒‒ — ‒ — ‒‒ — ‒‒‒ — ‒‒ — ‒‒‒ — ‒ — ‒‒ — ‒‒‒ — ‒ — ‒‒ — ‒‒‒ — ‒ — ‒‒‒ — ‒ — ‒‒ — ‒‒‒ — ‒ — ‒‒ — ‒‒‒ — ‒ — ‒‒ — ‒ — ‒‒ — ‒‒‒ — ‒ — ‒‒ — ‒‒‒ — ‒ — ‒‒ — ‒‒‒ — ‒‒ — ‒‒‒ — ‒ — ‒‒ — ‒‒‒ — ‒ — ‒‒ — ‒‒‒ — ‒ — ‒‒‒ — ‒ — ‒‒ — ‒‒‒ — ‒ — ‒‒ — ‒‒‒ — ‒ — ‒‒ — ‒ — ‒‒ — ‒‒‒ — ‒ — ‒‒ — ‒‒‒ — ‒ — ‒‒ — ‒‒‒ — ‒‒ — ‒‒‒ — ‒ — ‒‒ — ‒‒‒ — ‒ — ‒‒ — ‒‒‒ — ‒ — ‒‒‒ — ‒ — ‒‒ — ‒‒‒ — ‒ — ‒‒ — ‒‒‒ — ‒ — ‒‒ — ‒ — ‒‒ — ‒‒‒ — ‒ — ‒‒ — ‒‒‒ — ‒ — ‒‒ — ‒‒‒ — ‒‒ — ‒‒‒ — ‒ — ‒‒ — ‒‒‒ — ‒ — ‒‒ — ‒‒‒ — ‒ — ‒‒‒ — ‒ — ‒‒ — ‒‒‒ — ‒ — ‒‒ — ‒‒‒ — ‒ — ‒‒ — ‒ — ‒‒ — ‒‒‒ — ‒ — ‒‒ — ‒‒‒ — ‒ — ‒‒ — ‒‒‒ — ‒‒ — ‒‒‒ — ‒ — ‒‒ — ‒‒‒ — ‒ — ‒‒ — ‒‒‒ — ‒ — ‒‒‒ — ‒ — ‒‒ — ‒‒‒ — ‒ — ‒‒ — ‒‒‒ — ‒ — ‒‒ — ‒ — ‒‒ — ‒‒‒ — ‒ — ‒‒ — ‒‒‒ — ‒ — ‒‒ — ‒‒‒ — ‒‒ — ‒‒‒ — ‒ — ‒‒ — ‒‒‒ — ‒ — ‒‒ — ‒‒‒ — ‒ — ‒‒‒ — ‒ — ‒‒ — ‒‒‒ — ‒ — ‒‒ — ‒‒‒ — ‒ — ‒‒ — ‒ — ‒‒ — ‒‒‒ — ‒ — ‒‒ — ‒‒‒ — ‒ — ‒‒ — ‒‒‒ — ‒‒ — ‒‒‒ — ‒ — ‒‒ — ‒‒‒ — ‒ — ‒‒ — ‒‒‒ — ‒ — ‒‒‒ — ‒ — ‒‒ — ‒‒‒ — ‒ — ‒‒ — ‒‒‒ — ‒ — ‒‒ — ‒ — ‒‒ — ‒‒‒ — ‒ — ‒‒ — ‒‒‒ — ‒ — ‒‒ — ‒‒‒ — ‒‒ — ‒‒‒ — ‒ — ‒‒ — ‒‒‒ — ‒ — ‒‒ — ‒‒‒ — ‒ — ‒‒‒ — ‒ — ‒‒ — ‒‒‒ — ‒ — ‒‒ — ‒‒‒ — ‒ — ‒‒ — ‒ — ‒‒ — ‒‒‒ — ‒ — ‒‒ — ‒‒‒ — ‒ — ‒‒ — ‒‒‒ — ‒‒ — ‒‒‒ — ‒ — ‒‒ — ‒‒‒ — ‒ — ‒‒ — ‒‒‒ — ‒ — ‒‒‒ — ‒ — ‒‒ — ‒‒‒ — ‒ — ‒‒ — ‒‒‒ — ‒ — ‒‒ — ‒ — ‒‒ — ‒‒‒ — ‒ — ‒‒ — ‒‒‒ — ‒ — ‒‒ — ‒‒‒ — ‒‒ — ‒‒‒ — ‒ — ‒‒ — ‒‒‒ — ‒ — ‒‒ — ‒‒‒ — ‒ — ‒‒‒ — ‒ — ‒‒ — ‒‒‒ — ‒ — ‒‒ — ‒‒‒ — ‒ — ‒‒ — ‒ — ‒‒ — ‒‒‒ — ‒ — ‒‒ — ‒‒‒ — ‒ — ‒‒ — ‒‒‒ — ‒‒ — ‒‒‒ — ‒ — ‒‒ — ‒‒‒ — ‒ — ‒‒ — ‒‒‒ — ‒ — ‒‒‒ — ‒ — ‒‒ — ‒‒‒ — ‒ — ‒‒ — ‒‒‒ — ‒ — ‒‒ — ‒ — ‒‒ — ‒‒‒ — ‒ — ‒‒ — ‒‒‒ — ‒ — ‒‒ — ‒‒‒ — ‒‒ — ‒‒‒ — ‒ — ‒‒ — ‒‒‒ — ‒ — ‒‒ — ‒‒‒ — ‒ — ‒‒‒ — ‒ — ‒‒ — ‒‒‒ — ‒ — ‒‒ — ‒‒‒ — ‒ — ‒‒ — ‒ — ‒‒ — ‒‒‒ — ‒ — ‒‒ — ‒‒‒ — ‒ — ‒‒ — ‒‒‒ — ‒‒ — ‒‒‒ — ‒ — ‒‒ — ‒‒‒ — ‒ — ‒‒ — ‒‒‒ — ‒ — ‒‒‒ — ‒ — ‒‒ — ‒‒‒ — ‒ — ‒‒ — ‒‒‒ — ‒ — ‒‒ — ‒ — ‒‒ — ‒‒‒ — ‒ — ‒‒ — ‒‒‒ — ‒ — ‒‒ — ‒‒‒ — ‒‒ — ‒‒‒ — ‒ — ‒‒ — ‒‒‒ — ‒ — ‒‒ — ‒‒‒ — ‒ — ‒‒‒ — ‒ — ‒‒ — ‒‒‒ — ‒ — ‒‒ — ‒‒‒ — ‒ — ‒‒ — ‒ — ‒‒ — ‒‒‒ — ‒ — ‒‒ — ‒‒‒ — ‒ — ‒‒ — ‒‒‒ — ‒‒ — ‒‒‒ — ‒ — ‒‒ — ‒‒‒ — ‒ — ‒‒ — ‒‒‒ — ‒ — ‒‒‒ — ‒ — ‒‒ — ‒‒‒ — ‒ — ‒‒ — ‒‒‒ — ‒ — ‒‒ — ‒ — ‒‒ — ‒‒‒ — ‒ — ‒‒ — ‒‒‒ — ‒ — ‒‒ — ‒‒‒ — ‒‒ — ‒‒‒ — ‒ — ‒‒ — ‒‒‒ — ‒ — ‒‒ — ‒‒‒ — ‒ — ‒‒‒ — ‒ — ‒‒ — ‒‒‒ — ‒ — ‒‒ — ‒‒‒ — ‒ — ‒‒ — ‒ — ‒‒ — ‒‒‒ — ‒ — ‒‒ — ‒‒‒ — ‒ — ‒‒ — ‒‒‒ — ‒‒ — ‒‒‒ — ‒ — ‒‒ — ‒‒‒ — ‒ — ‒‒ — ‒‒‒ — ‒ — ‒‒‒ — ‒ — ‒‒ — ‒‒‒ — ‒ — ‒‒ — ‒‒‒ — ‒ — ‒‒ — ‒ — ‒‒ — ‒‒‒ — ‒ — ‒‒ — ‒‒‒ — ‒ — ‒‒ — ‒‒‒ — ‒‒ — ‒‒‒ — ‒ — ‒‒ — ‒‒‒ — ‒ — ‒‒ — ‒‒‒ — ‒ — ‒‒‒ — ‒ — ‒‒ — ‒‒‒ — ‒ — ‒‒ — ‒‒‒ — ‒ — ‒‒ — ‒ — ‒‒ — ‒‒‒ — ‒ — ‒‒ — ‒‒‒ — ‒ — ‒‒ — ‒‒‒ — ‒‒ — ‒‒‒ — ‒ — ‒‒ — ‒‒‒ — ‒ — ‒‒ — ‒‒‒ — ‒ — ‒‒‒ — ‒ — ‒‒ — ‒‒‒ — ‒ — ‒‒ — ‒‒‒ — ‒ — ‒‒ — ‒ — ‒‒ — ‒‒‒ — ‒ — ‒‒ — ‒‒‒ — ‒ — ‒‒ — ‒‒‒ — ‒‒ — ‒‒‒ — ‒ — ‒‒ — ‒‒‒ — ‒ — ‒‒ — ‒‒‒ — ‒ — ‒‒‒ — ‒ — ‒‒ — ‒‒‒ — ‒ — ‒‒ — ‒‒‒ — ‒ — ‒‒ — ‒ — ‒‒ — ‒‒‒ — ‒ — ‒‒ — ‒‒‒ — ‒ — ‒‒ — ‒‒‒ — ‒‒ — ‒‒‒ — ‒ — ‒‒ — ‒‒‒ — ‒ — ‒‒ — ‒‒‒ — ‒ — ‒‒‒ — ‒ — ‒‒ — ‒‒‒ — ‒ — ‒‒ — ‒‒‒ — ‒ — ‒‒ — ‒ — ‒‒ — ‒‒‒ — ‒ — ‒‒ — ‒‒‒ — ‒ — ‒‒ — ‒‒‒ — ‒‒ — ‒‒‒ — ‒ — ‒‒ — ‒‒‒ — ‒ — ‒‒ — ‒‒‒ — ‒ — ‒‒‒ — ‒ — ‒‒ — ‒‒‒ — ‒ — ‒‒ — ‒‒‒ — ‒ — ‒‒ — ‒ — ‒‒ — ‒‒‒ — ‒ — ‒‒ — ‒‒‒ — ‒ — ‒‒ — ‒‒‒ — ‒‒ — ‒‒‒ — ‒ — ‒‒ — ‒‒‒ — ‒ — ‒‒ — ‒‒‒ — ‒ — ‒‒‒ — ‒ — ‒‒ — ‒‒‒ — ‒ — ‒‒ — ‒‒‒ — ‒ — ‒‒ — ‒ — ‒‒ — ‒‒‒ — ‒ — ‒‒ — ‒‒‒ — ‒ — ‒‒ — ‒‒‒ — ‒‒ — ‒‒‒ — ‒ — ‒‒ — ‒‒‒ — ‒ — ‒‒ — ‒‒‒ — ‒ — ‒‒‒ — ‒ — ‒‒ — ‒‒‒ — ‒ — ‒‒ — ‒‒‒ — ‒ — ‒‒ — ‒ — ‒‒ — ‒‒‒ — ‒ — ‒‒ — ‒‒‒ — ‒ — ‒‒ — ‒‒‒ — ‒‒ — ‒‒‒ — ‒ — ‒‒ — ‒‒‒ — ‒ — ‒‒ — ‒‒‒ — ‒ — ‒‒‒ — ‒ — ‒‒ — ‒‒‒ — ‒ — ‒‒ — ‒‒‒ — ‒ — ‒‒

в настоящем информационном извещении времени начала аукциона. На конверте должны быть указаны данные заявителя, номер лота.

— ‒ — ‒‒ — ‒‒‒ — ‒ — ‒‒ — ‒‒‒ — ‒ — ‒‒ — ‒‒‒ — ‒‒ — ‒‒‒ — ‒ — ‒‒ — ‒‒‒ — ‒ — ‒‒ — ‒‒‒ — ‒ — ‒‒‒ — ‒ — ‒‒ — ‒‒‒ — ‒ — ‒‒ — ‒‒‒ — ‒ — ‒‒ — ‒ — ‒‒ — ‒‒‒ — ‒ — ‒‒ — ‒‒‒ — ‒ — ‒‒ — ‒‒‒ — ‒‒ — ‒‒‒ — ‒ — ‒‒ — ‒‒‒ — ‒ — ‒‒ — ‒‒‒ — ‒ — ‒‒‒ — ‒ — ‒‒ — ‒‒‒ — ‒ — ‒‒ — ‒‒‒ — ‒ — ‒‒ — ‒ — ‒‒ — ‒‒‒ — ‒ — ‒‒ — ‒‒‒ — ‒ — ‒‒ — ‒‒‒ — ‒‒ — ‒‒‒ — ‒ — ‒‒ — ‒‒‒ — ‒ — ‒‒ — ‒‒‒ — ‒ — ‒‒‒ — ‒ — ‒‒ — ‒‒‒ — ‒ — ‒‒ — ‒‒‒ — ‒ — ‒‒ — ‒ — ‒‒ — ‒‒‒ — ‒ — ‒‒ — ‒‒‒ — ‒ — ‒‒ — ‒‒‒ — ‒‒ — ‒‒‒ — ‒ — ‒‒ — ‒‒‒ — ‒ — ‒‒ — ‒‒‒ — ‒ — ‒‒‒ — ‒ — ‒‒ — ‒‒‒ — ‒ — ‒‒ — ‒‒‒ — ‒ — ‒‒ — ‒ — ‒‒ — ‒‒‒ — ‒ — ‒‒ — ‒‒‒ — ‒ — ‒‒ — ‒‒‒ — ‒‒ — ‒‒‒ — ‒ — ‒‒ — ‒‒‒ — ‒ — ‒‒ — ‒‒‒ — ‒ — ‒‒‒ — ‒ — ‒‒ — ‒‒‒ — ‒ — ‒‒ — ‒‒‒ — ‒ — ‒‒ — ‒ — ‒‒ — ‒‒‒ — ‒ — ‒‒ — ‒‒‒ — ‒ — ‒‒ — ‒‒‒ — ‒‒ — ‒‒‒ — ‒ — ‒‒ — ‒‒‒ — ‒ — ‒‒ — ‒‒‒ — ‒ — ‒‒‒ — ‒ — ‒‒ — ‒‒‒ — ‒ — ‒‒ — ‒‒‒ — ‒ — ‒‒ — ‒ — ‒‒ — ‒‒‒ — ‒ — ‒‒ — ‒‒‒ — ‒ — ‒‒ — ‒‒‒ — ‒‒ — ‒‒‒ — ‒ — ‒‒ — ‒‒‒ — ‒ — ‒‒ — ‒‒‒ — ‒ — ‒‒‒ — ‒ — ‒‒ — ‒‒‒ — ‒ — ‒‒ — ‒‒‒ — ‒ — ‒‒ — ‒ — ‒‒ — ‒‒‒ — ‒ — ‒‒ — ‒‒‒ — ‒ — ‒‒ — ‒‒‒ — ‒‒ — ‒‒‒ — ‒ — ‒‒ — ‒‒‒ — ‒ — ‒‒ — ‒‒‒ — ‒ — ‒‒‒ — ‒ — ‒‒ — ‒‒‒ — ‒ — ‒‒ — ‒‒‒ — ‒ — ‒‒ — ‒ — ‒‒ — ‒‒‒ — ‒ — ‒‒ — ‒‒‒ — ‒ — ‒‒ — ‒‒‒

13. Порядок определения лица, выигравшего аукцион: Выигравшим аукцион признается лицо, предложившее наиболее высокую цену.

14. Телефоны для справок: 8 (343) 278-92-99.

Приложение № 1:
Договор купли-продажи арестованного движимого/недвижимого имущества № ___
г. Екатеринбург
2013 года
— ‒ — ‒‒ — ‒‒‒ — ‒ — ‒‒ — ‒‒‒ — ‒ — ‒‒ — ‒‒‒ — ‒‒ — ‒‒‒ — ‒ — ‒‒ — ‒‒‒ — ‒ — ‒‒ — ‒‒‒ — ‒ — ‒‒‒ — ‒ — ‒‒ — ‒‒‒ — ‒ — ‒‒ — ‒‒‒ — ‒ — ‒‒ — ‒ — ‒‒ — ‒‒‒ — ‒ — ‒‒ — ‒‒‒ — ‒ — ‒‒ — ‒‒‒ — ‒‒ — ‒‒‒ — ‒ — ‒‒ — ‒‒‒ — ‒ — ‒‒ — ‒‒‒ — ‒ — ‒‒‒ — ‒ — ‒‒ — ‒‒‒ — ‒ — ‒‒ — ‒‒‒ — ‒ — ‒‒ — ‒ — ‒‒ — ‒‒‒ — ‒ — ‒‒ — ‒‒‒ — ‒ — ‒‒ — ‒‒‒ — ‒‒ — ‒‒‒ — ‒ — ‒‒ — ‒‒‒ — ‒ — ‒‒ — ‒‒‒ — ‒ — ‒‒‒ — ‒ — ‒‒ — ‒‒‒ — ‒ — ‒‒ — ‒‒‒ — ‒ — ‒‒ — ‒ — ‒‒ — ‒‒‒ — ‒ — ‒‒ — ‒‒‒ — ‒ — ‒‒ — ‒‒‒ — ‒‒ — ‒‒‒ — ‒ — ‒‒ — ‒‒‒ — ‒ — ‒‒ — ‒‒‒ — ‒ — ‒‒‒ — ‒ — ‒‒ — ‒‒‒ — ‒ — ‒‒ — ‒‒‒ — ‒ — ‒‒ — ‒ — ‒‒ — ‒‒‒ — ‒ — ‒‒ — ‒‒‒ — ‒ — ‒‒ — ‒‒‒ — ‒‒ — ‒‒‒ — ‒ — ‒‒ — ‒‒‒ — ‒ — ‒‒ — ‒‒‒ — ‒ — ‒‒‒ — ‒ — ‒‒ — ‒‒‒ — ‒ — ‒‒ — ‒‒‒ — ‒ — ‒‒ — ‒ — ‒‒ — ‒‒‒ — ‒ — ‒‒ — ‒‒‒ — ‒ — ‒‒ — ‒‒‒ — ‒‒ — ‒‒‒ — ‒ — ‒‒ — ‒‒‒ — ‒ — ‒‒ — ‒‒‒ — ‒ — ‒‒‒ — ‒ — ‒‒ — ‒‒‒ — ‒ — ‒‒ — ‒‒‒ — ‒ — ‒‒ — ‒ — ‒‒ — ‒‒‒ — ‒ — ‒‒ — ‒‒‒ — ‒ — ‒‒ — ‒‒‒ — ‒‒ — ‒‒‒ — ‒ — ‒‒ — ‒‒‒ — ‒ — ‒‒ — ‒‒‒ — ‒ — ‒‒‒ — ‒ — ‒‒ — ‒‒‒ — ‒ — ‒‒ — ‒‒‒ — ‒ — ‒‒ — ‒ — ‒‒ — ‒‒‒ — ‒ — ‒‒ — ‒‒‒ — ‒ — ‒‒ — ‒‒‒ — ‒‒ — ‒‒‒ — ‒ — ‒‒ — ‒‒‒ — ‒ — ‒‒ — ‒‒‒ — ‒ — ‒‒‒ — ‒ — ‒‒ — ‒‒‒ — ‒ — ‒‒ — ‒‒‒ — ‒ — ‒‒ — ‒ — ‒‒ — ‒‒‒ — ‒ — ‒‒ — ‒‒‒ — ‒ — ‒‒ — ‒‒‒ — ‒‒ — ‒‒‒ — ‒ — ‒‒ — ‒‒‒ — ‒ — ‒‒ — ‒‒‒ — ‒ — ‒‒‒ — ‒ — ‒‒ — ‒‒‒ — ‒ — ‒‒ — ‒‒‒ — ‒ — ‒‒ — ‒ — ‒‒ — ‒‒‒ — ‒ — ‒‒ — ‒‒‒ — ‒ — ‒‒ — ‒‒‒ — ‒‒ — ‒‒‒ — ‒ — ‒‒ — ‒‒‒ — ‒ — ‒‒ — ‒‒‒ — ‒ — ‒‒‒ — ‒ — ‒‒ — ‒‒‒ — ‒ — ‒‒ — ‒‒‒ — ‒ — ‒‒ — ‒ — ‒‒ — ‒‒‒ — ‒ — ‒‒ — ‒‒‒ — ‒ — ‒‒ — ‒‒‒ — ‒‒ — ‒‒‒ — ‒ — ‒‒ — ‒‒‒ — ‒ — ‒‒ — ‒‒‒ — ‒ — ‒‒‒ — ‒ — ‒‒ — ‒‒‒ — ‒ — ‒‒ — ‒‒‒ — ‒ — ‒‒ — ‒ — ‒‒ — ‒‒‒ — ‒ — ‒‒ — ‒‒‒ — ‒ — ‒‒ — ‒‒‒ — ‒‒ — ‒‒‒ — ‒ — ‒‒ — ‒‒‒ — ‒ — ‒‒ — ‒‒‒ — ‒ — ‒‒‒ — ‒ — ‒‒ — ‒‒‒ — ‒ — ‒‒ — ‒‒‒ — ‒ — ‒‒ — ‒ — ‒‒ — ‒‒‒ — ‒ — ‒‒ — ‒‒‒ — ‒ — ‒‒ — ‒‒‒ — ‒‒ — ‒‒‒ — ‒ — ‒‒ — ‒‒‒ — ‒ — ‒‒ — ‒‒‒ — ‒ — ‒‒‒ — ‒ — ‒‒ — ‒‒‒ — ‒ — ‒‒ — ‒‒‒ — ‒ — ‒‒ — ‒ — ‒‒ — ‒‒‒ — ‒ — ‒‒ — ‒‒‒ — ‒ — ‒‒ — ‒‒‒ — ‒‒ — ‒‒‒ — ‒ — ‒‒ — ‒‒‒ — ‒ — ‒‒ — ‒‒‒ — ‒ — ‒‒‒ — ‒ — ‒‒ — ‒‒‒ — ‒ — ‒‒ — ‒‒‒ — ‒ — ‒‒ — ‒ — ‒‒ — ‒‒‒ — ‒ — ‒‒ — ‒‒‒ — ‒ — ‒‒ — ‒‒‒ — ‒‒ — ‒‒‒ — ‒ — ‒‒ — ‒‒‒ — ‒ — ‒‒ — ‒‒‒ — ‒ — ‒‒‒ — ‒ — ‒‒ — ‒‒‒ — ‒ — ‒‒ — ‒‒‒ — ‒ — ‒‒ — ‒ — ‒‒ — ‒‒‒ — ‒ — ‒‒ — ‒‒‒ — ‒ — ‒‒ — ‒‒‒ — ‒‒ — ‒‒‒ — ‒ — ‒‒ — ‒‒‒ — ‒ — ‒‒ — ‒‒‒ — ‒ — ‒‒‒ — ‒ — ‒‒ — ‒‒‒ — ‒ — ‒‒ — ‒‒‒ — ‒ — ‒‒ — ‒ — ‒‒ — ‒‒‒ — ‒ — ‒‒ — ‒‒‒ — ‒ — ‒‒ — ‒‒‒ — ‒‒ — ‒‒‒ — ‒ — ‒‒ — ‒‒‒ — ‒ — ‒‒ — ‒‒‒ — ‒ — ‒‒‒ — ‒ — ‒‒ — ‒‒‒ — ‒ — ‒‒ — ‒‒‒ — ‒ — ‒‒ — ‒ — ‒‒ — ‒‒‒ — ‒ — ‒‒ — ‒‒‒ — ‒ — ‒‒ — ‒‒‒ — ‒‒ — ‒‒‒ — ‒ — ‒‒ — ‒‒‒ — ‒ — ‒‒ — ‒‒‒ — ‒ — ‒‒‒ — ‒ — ‒‒ — ‒‒‒ — ‒ — ‒‒ — ‒‒‒ — ‒ — ‒‒ — ‒ — ‒‒ — ‒‒‒ — ‒ — ‒‒ — ‒‒‒ — ‒ — ‒‒ — ‒‒‒
Продавец:	Покупатель:
